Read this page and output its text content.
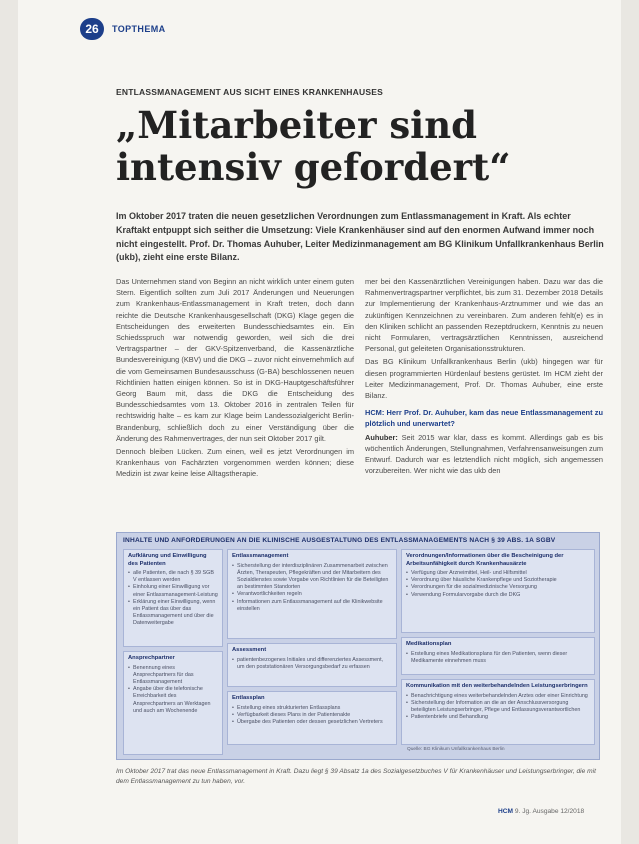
26	TOPTHEMA
ENTLASSMANAGEMENT AUS SICHT EINES KRANKENHAUSES
„Mitarbeiter sind intensiv gefordert“

Im Oktober 2017 traten die neuen gesetzlichen Verordnungen zum Entlassmanagement in Kraft. Als echter Kraftakt entpuppt sich seither die Umsetzung: Viele Krankenhäuser sind auf den enormen Aufwand immer noch nicht eingestellt. Prof. Dr. Thomas Auhuber, Leiter Medizinmanagement am BG Klinikum Unfallkrankenhaus Berlin (ukb), zieht eine erste Bilanz.

Das Unternehmen stand von Beginn an nicht wirklich unter einem guten Stern. Eigentlich sollten zum Juli 2017 Änderungen und Neuerungen zum Krankenhaus-Entlassmanagement in Kraft treten, doch dann reichte die Deutsche Krankenhausgesellschaft (DKG) Klage gegen die Entscheidungen des erweiterten Bundesschiedsamtes ein. Ein Schiedsspruch war notwendig geworden, weil sich die drei Vertragspartner – der GKV-Spitzenverband, die Kassenärztliche Bundesvereinigung (KBV) und die DKG – zuvor nicht einvernehmlich auf die vom Gemeinsamen Bundesausschuss (G-BA) beschlossenen neuen Richtlinien hatten einigen können. So ist in DKG-Hauptgeschäftsführer Georg Baum mit, dass die DKG die Entscheidung des Bundesschiedsamtes vom 13. Oktober 2016 in zentralen Teilen für rechtswidrig halte – es kam zur Klage beim Landessozialgericht Berlin-Brandenburg, schließlich doch zu einer Verständigung über die Änderung des Rahmenvertrages, der nun seit Oktober 2017 gilt.

Dennoch bleiben Lücken. Zum einen, weil es jetzt Verordnungen im Krankenhaus von Fachärzten vorgenommen werden können; diese Medizin ist zwar keine leise Alltagstherapie.

mer bei den Kassenärztlichen Vereinigungen haben. Dazu war das die Rahmenvertragspartner verpflichtet, bis zum 31. Dezember 2018 Details zur Implementierung der Krankenhaus-Arztnummer und wie das an zukünftigen Kennzeichnen zu vereinbaren. Zum anderen fehlt(e) es in den Kliniken schlicht an passenden Rezeptdruckern, Kenntnis zu neuen nicht Formularen, vertragsärztlichen Kenntnissen, ausreichend Personal, gut geleiteten Organisationsstrukturen.

Das BG Klinikum Unfallkrankenhaus Berlin (ukb) hingegen war für diesen programmierten Hürdenlauf bestens gerüstet. Im HCM zieht der Leiter Medizinmanagement, Prof. Dr. Thomas Auhuber, eine erste Bilanz.

HCM: Herr Prof. Dr. Auhuber, kam das neue Entlassmanagement zu plötzlich und unerwartet?

Auhuber: Seit 2015 war klar, dass es kommt. Allerdings gab es bis wöchentlich Änderungen, Stellungnahmen, Verfahrensanweisungen zum Entwurf. Dadurch war es letztendlich nicht möglich, sich angemessen vorzubereiten. Wer nicht wie das ukb den

INHALTE UND ANFORDERUNGEN AN DIE KLINISCHE AUSGESTALTUNG DES ENTLASSMANAGEMENTS NACH § 39 ABS. 1A SGBV
Aufklärung und Einwilligung des Patienten
• alle Patienten, die nach § 39 SGB V entlassen werden
• Einholung einer Einwilligung vor einer Entlassmanagement-Leistung
• Erklärung einer Einwilligung, wenn ein Patient das über das Entlassmanagement und über die Datenweitergabe
Ansprechpartner
• Benennung eines Ansprechpartners für das Entlassmanagement
• Angabe über die telefonische Erreichbarkeit des Ansprechpartners an Werktagen und auch am Wochenende
Entlassmanagement
• Sicherstellung der interdisziplinären Zusammenarbeit zwischen Ärzten, Therapeuten, Pflegekräften und der Mitarbeitern des Sozialdienstes sowie Vorgabe von Richtlinien für die Beteiligten an bestimmten Standorten
• Verantwortlichkeiten regeln
• Informationen zum Entlassmanagement auf die Klinikwebsite einstellen
Assessment
• patientenbezogenes Initiales und differenziertes Assessment, um den poststationären Versorgungsbedarf zu erfassen
Entlassplan
• Erstellung eines strukturierten Entlassplans
• Verfügbarkeit dieses Plans in der Patientenakte
• Übergabe des Patienten oder dessen gesetzlichen Vertreters
Verordnungen/Informationen über die Bescheinigung der Arbeitsunfähigkeit durch Krankenhausärzte
• Verfügung über Arzneimittel, Heil- und Hilfsmittel
• Verordnung über häusliche Krankenpflege und Soziotherapie
• Verordnungen für die sozialmedizinische Versorgung
• Verwendung Formularvorgabe durch die DKG
Medikationsplan
• Erstellung eines Medikationsplans für den Patienten, wenn dieser Medikamente einnehmen muss
Kommunikation mit den weiterbehandelnden Leistungserbringern
• Benachrichtigung eines weiterbehandelnden Arztes oder einer Einrichtung
• Sicherstellung der Information an die an der Anschlussversorgung beteiligten Leistungserbringer, Pflege und Entlassungsverantwortlichen
• Patientenbriefe und Behandlung
Quelle: BG Klinikum Unfallkrankenhaus Berlin

Im Oktober 2017 trat das neue Entlassmanagement in Kraft. Dazu liegt § 39 Absatz 1a des Sozialgesetzbuches V für Krankenhäuser und Leistungserbringer, die mit dem Entlassmanagement zu tun haben, vor.

HCM 9. Jg. Ausgabe 12/2018
